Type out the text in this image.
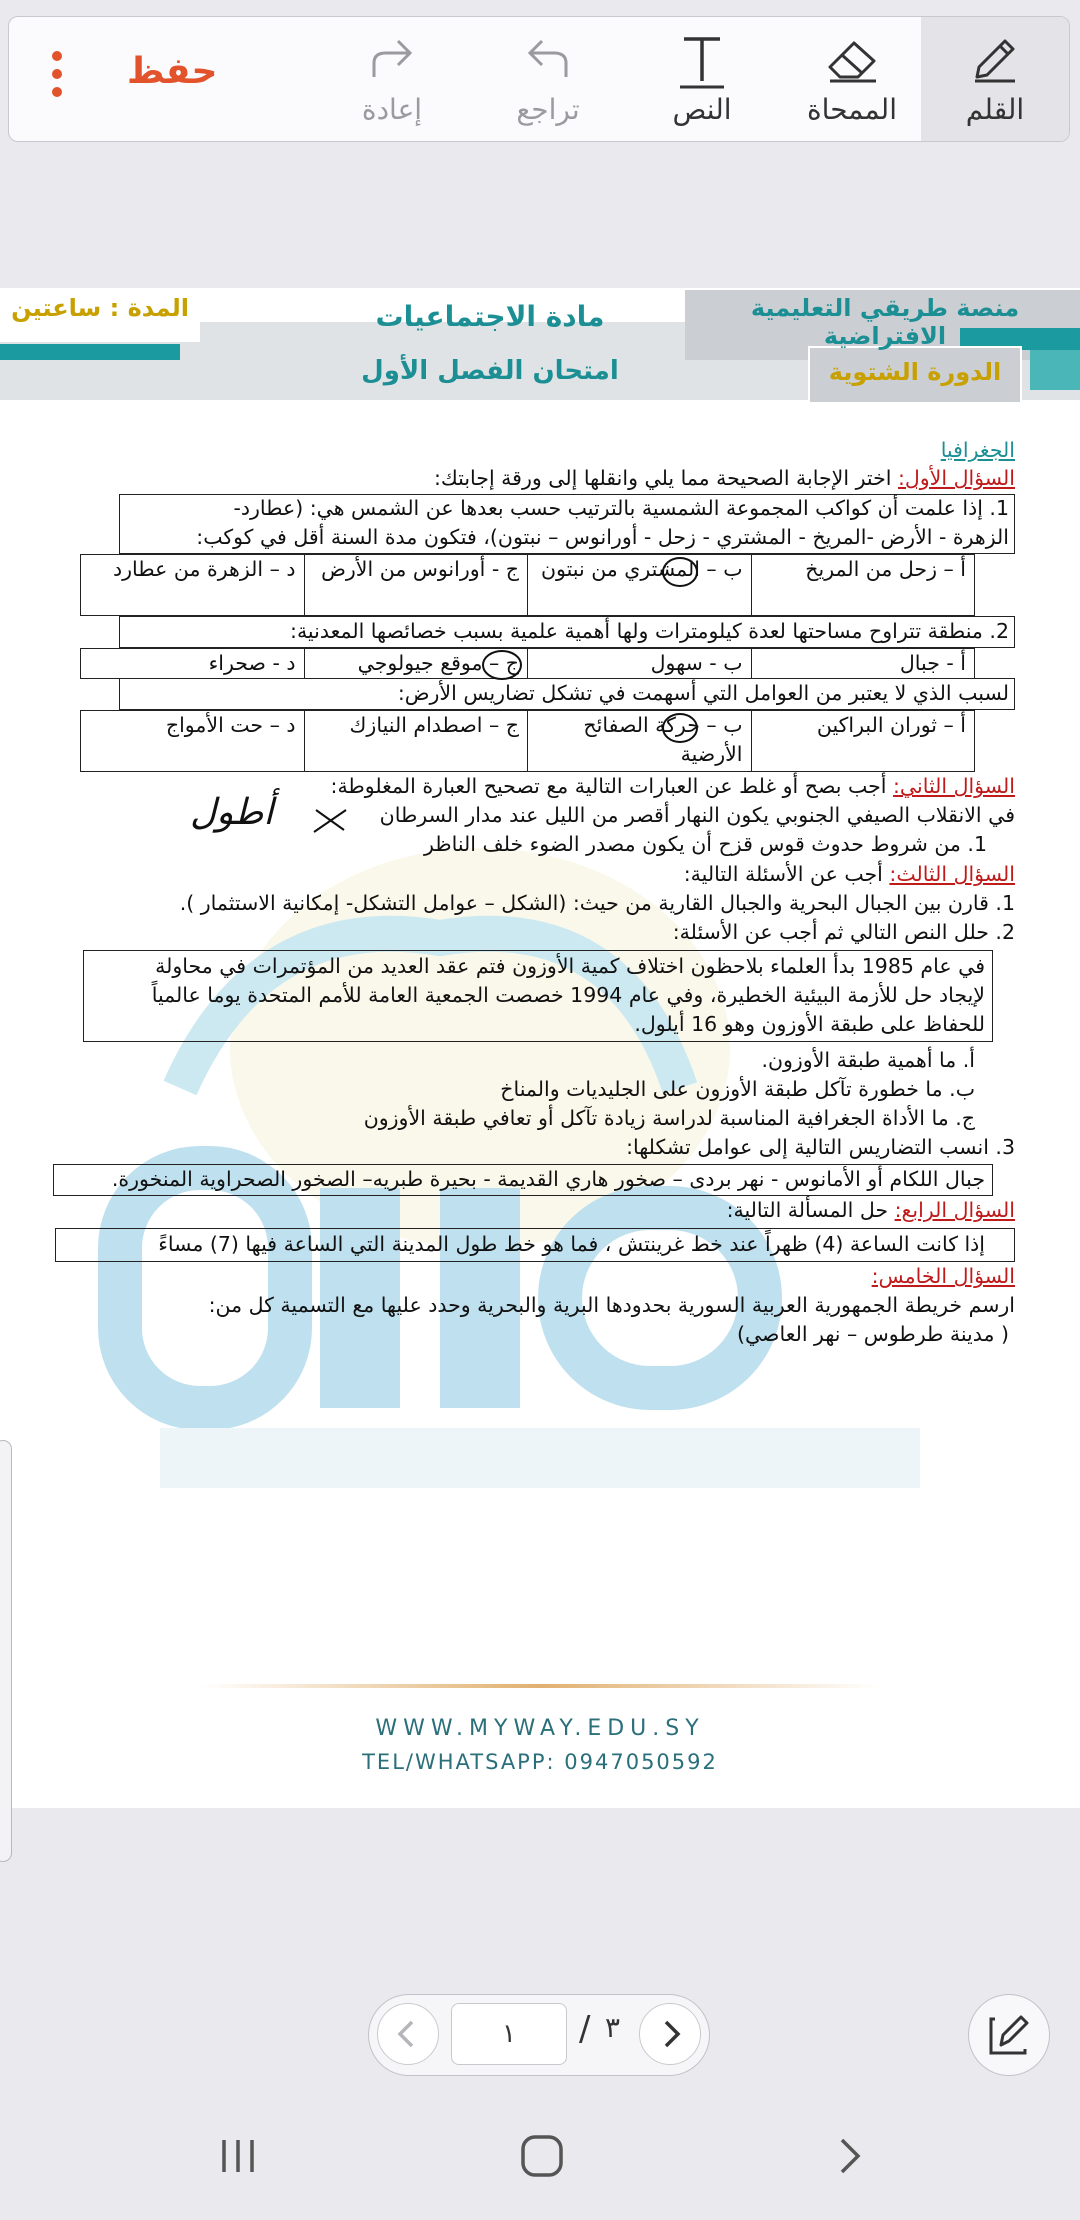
القلم
الممحاة
النص
تراجع
إعادة
حفظ
منصة طريقي التعليمية الافتراضية
مادة الاجتماعيات
امتحان الفصل الأول	الدورة الشتوية
المدة : ساعتين
الجغرافيا
السؤال الأول: اختر الإجابة الصحيحة مما يلي وانقلها إلى ورقة إجابتك:
1. إذا علمت أن كواكب المجموعة الشمسية بالترتيب حسب بعدها عن الشمس هي: (عطارد-
الزهرة - الأرض -المريخ - المشتري - زحل - أورانوس – نبتون)، فتكون مدة السنة أقل في كوكب:
أ – زحل من المريخ	ب – المشتري من نبتون	ج - أورانوس من الأرض	د – الزهرة من عطارد
2. منطقة تتراوح مساحتها لعدة كيلومترات ولها أهمية علمية بسبب خصائصها المعدنية:
أ - جبال	ب - سهول	ج – موقع جيولوجي	د - صحراء
لسبب الذي لا يعتبر من العوامل التي أسهمت في تشكل تضاريس الأرض:
أ – ثوران البراكين	ب – حركة الصفائح الأرضية	ج – اصطدام النيازك	د – حت الأمواج
السؤال الثاني: أجب بصح أو غلط عن العبارات التالية مع تصحيح العبارة المغلوطة:
في الانقلاب الصيفي الجنوبي يكون النهار أقصر من الليل عند مدار السرطان
1. من شروط حدوث قوس قزح أن يكون مصدر الضوء خلف الناظر
أطول
السؤال الثالث: أجب عن الأسئلة التالية:
1. قارن بين الجبال البحرية والجبال القارية من حيث: (الشكل – عوامل التشكل- إمكانية الاستثمار ).
2. حلل النص التالي ثم أجب عن الأسئلة:
في عام 1985 بدأ العلماء بلاحظون اختلاف كمية الأوزون فتم عقد العديد من المؤتمرات في محاولة
لإيجاد حل للأزمة البيئية الخطيرة، وفي عام 1994 خصصت الجمعية العامة للأمم المتحدة يوما عالمياً
للحفاظ على طبقة الأوزون وهو 16 أيلول.
أ. ما أهمية طبقة الأوزون.
ب. ما خطورة تآكل طبقة الأوزون على الجليديات والمناخ
ج. ما الأداة الجغرافية المناسبة لدراسة زيادة تآكل أو تعافي طبقة الأوزون
3. انسب التضاريس التالية إلى عوامل تشكلها:
جبال اللكام أو الأمانوس - نهر بردى – صخور هاري القديمة - بحيرة طبريه– الصخور الصحراوية المنخورة.
السؤال الرابع: حل المسألة التالية:
إذا كانت الساعة (4) ظهراً عند خط غرينتش ، فما هو خط طول المدينة التي الساعة فيها (7) مساءً
السؤال الخامس:
ارسم خريطة الجمهورية العربية السورية بحدودها البرية والبحرية وحدد عليها مع التسمية كل من:
( مدينة طرطوس – نهر العاصي)
WWW.MYWAY.EDU.SY
TEL/WHATSAPP: 0947050592
١	/ ٣
